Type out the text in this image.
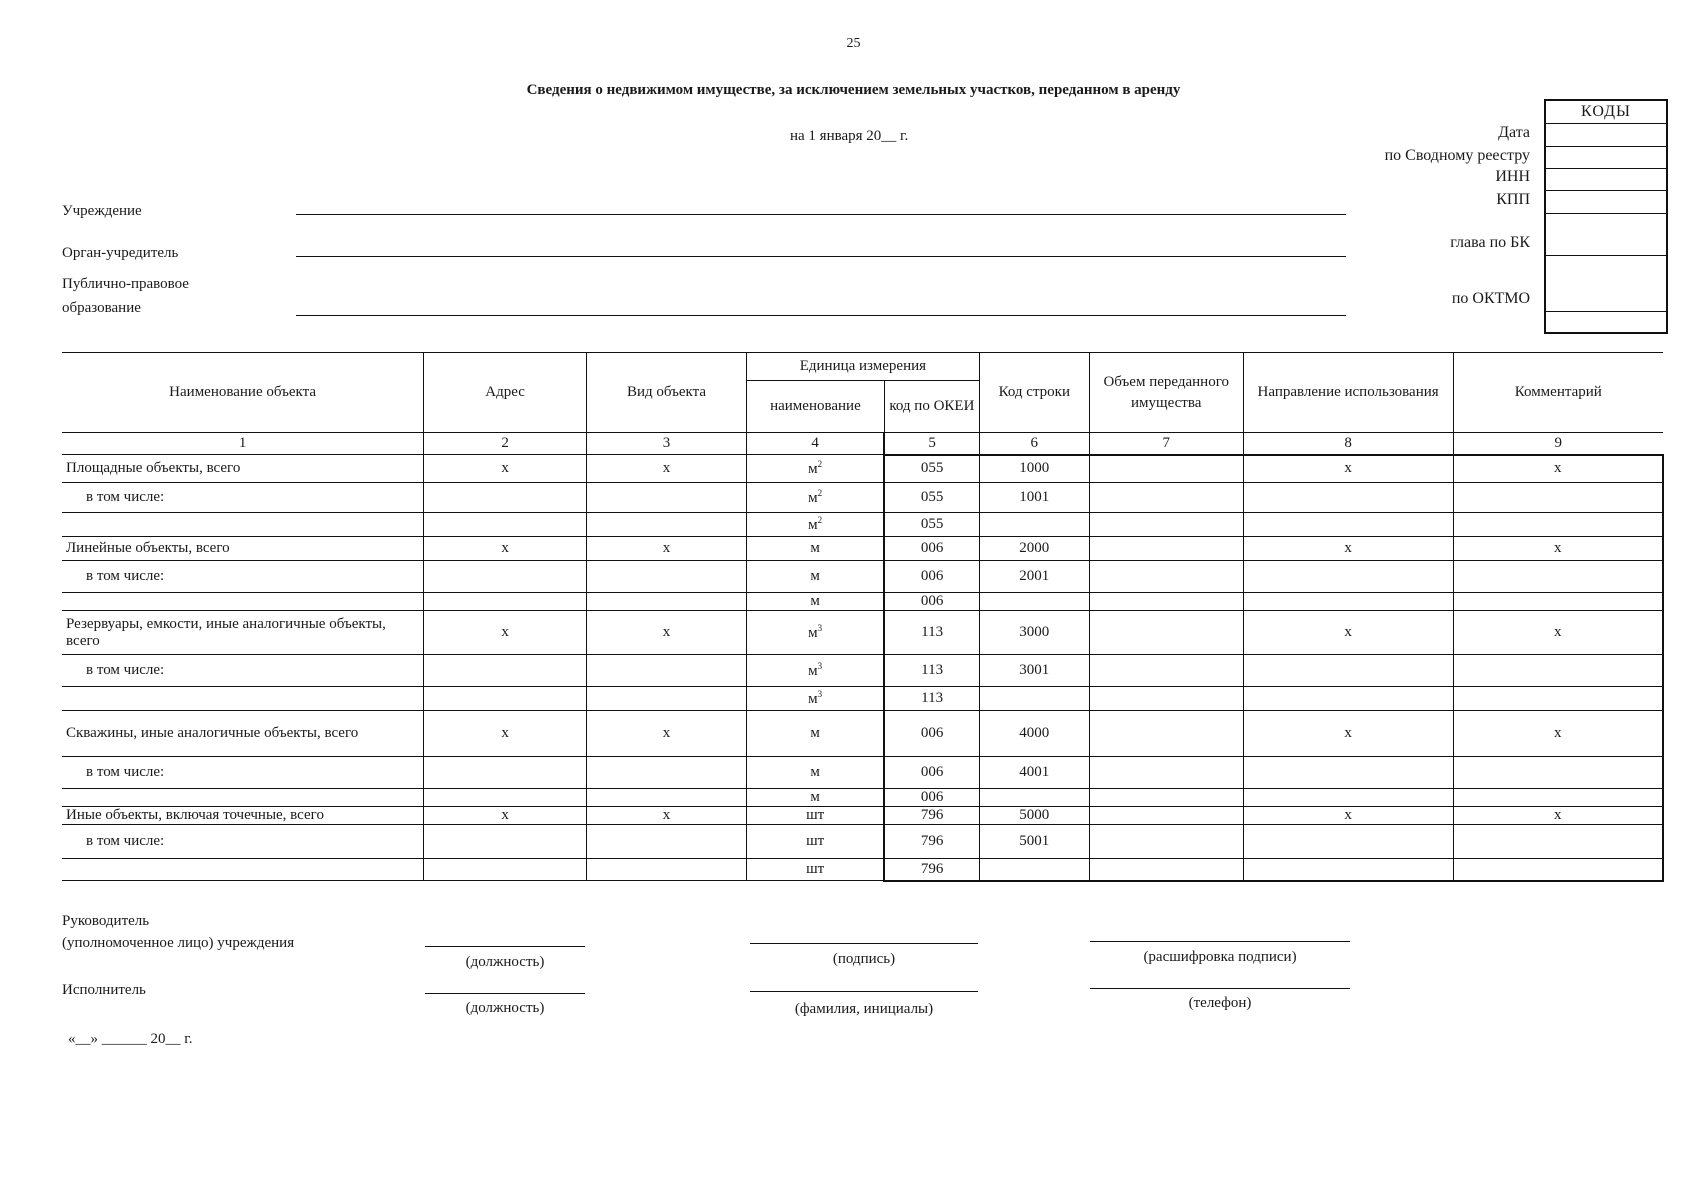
25
Сведения о недвижимом имуществе, за исключением земельных участков, переданном в аренду
на 1 января 20__ г.
КОДЫ
Дата
по Сводному реестру
ИНН
КПП
глава по БК
по ОКТМО
Учреждение
Орган-учредитель
Публично-правовое
образование
Наименование объекта	Адрес	Вид объекта	Единица измерения		Код строки	Объем переданного имущества	Направление использования	Комментарий
			наименование	код по ОКЕИ				
1	2	3	4	5	6	7	8	9
Площадные объекты, всего	x	x	$м^2$	055	1000		x	x
в том числе:			$м^2$	055	1001			
			$м^2$	055				
Линейные объекты, всего	x	x	м	006	2000		x	x
в том числе:			м	006	2001			
			м	006				
Резервуары, емкости, иные аналогичные объекты, всего	x	x	$м^3$	113	3000		x	x
в том числе:			$м^3$	113	3001			
			$м^3$	113				
Скважины, иные аналогичные объекты, всего	x	x	м	006	4000		x	x
в том числе:			м	006	4001			
			м	006				
Иные объекты, включая точечные, всего	x	x	шт	796	5000		x	x
в том числе:			шт	796	5001			
			шт	796				
Руководитель
(уполномоченное лицо) учреждения
(должность)	(подпись)	(расшифровка подписи)
Исполнитель
(должность)	(фамилия, инициалы)	(телефон)
«__» ______ 20__ г.
